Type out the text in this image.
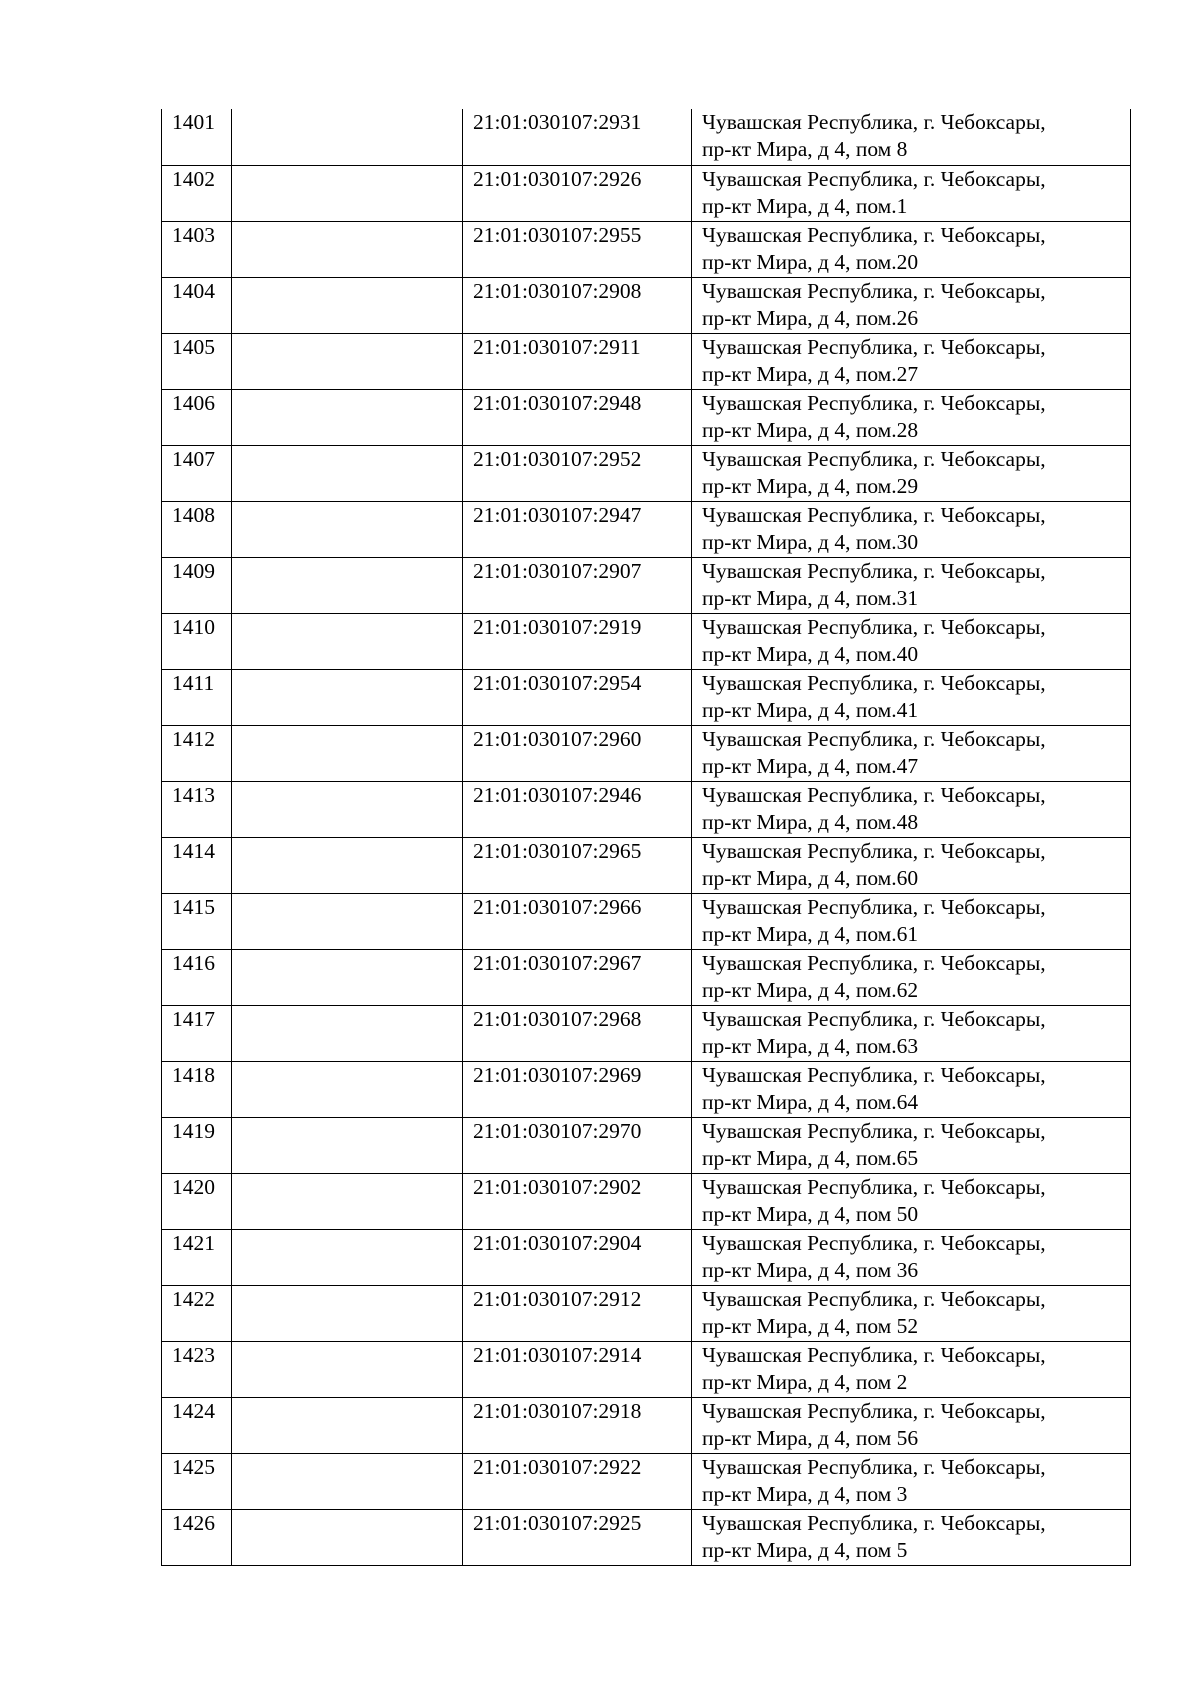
1401		21:01:030107:2931	Чувашская Республика, г. Чебоксары,
пр-кт Мира, д 4, пом 8

1402		21:01:030107:2926	Чувашская Республика, г. Чебоксары,
пр-кт Мира, д 4, пом.1

1403		21:01:030107:2955	Чувашская Республика, г. Чебоксары,
пр-кт Мира, д 4, пом.20

1404		21:01:030107:2908	Чувашская Республика, г. Чебоксары,
пр-кт Мира, д 4, пом.26

1405		21:01:030107:2911	Чувашская Республика, г. Чебоксары,
пр-кт Мира, д 4, пом.27

1406		21:01:030107:2948	Чувашская Республика, г. Чебоксары,
пр-кт Мира, д 4, пом.28

1407		21:01:030107:2952	Чувашская Республика, г. Чебоксары,
пр-кт Мира, д 4, пом.29

1408		21:01:030107:2947	Чувашская Республика, г. Чебоксары,
пр-кт Мира, д 4, пом.30

1409		21:01:030107:2907	Чувашская Республика, г. Чебоксары,
пр-кт Мира, д 4, пом.31

1410		21:01:030107:2919	Чувашская Республика, г. Чебоксары,
пр-кт Мира, д 4, пом.40

1411		21:01:030107:2954	Чувашская Республика, г. Чебоксары,
пр-кт Мира, д 4, пом.41

1412		21:01:030107:2960	Чувашская Республика, г. Чебоксары,
пр-кт Мира, д 4, пом.47

1413		21:01:030107:2946	Чувашская Республика, г. Чебоксары,
пр-кт Мира, д 4, пом.48

1414		21:01:030107:2965	Чувашская Республика, г. Чебоксары,
пр-кт Мира, д 4, пом.60

1415		21:01:030107:2966	Чувашская Республика, г. Чебоксары,
пр-кт Мира, д 4, пом.61

1416		21:01:030107:2967	Чувашская Республика, г. Чебоксары,
пр-кт Мира, д 4, пом.62

1417		21:01:030107:2968	Чувашская Республика, г. Чебоксары,
пр-кт Мира, д 4, пом.63

1418		21:01:030107:2969	Чувашская Республика, г. Чебоксары,
пр-кт Мира, д 4, пом.64

1419		21:01:030107:2970	Чувашская Республика, г. Чебоксары,
пр-кт Мира, д 4, пом.65

1420		21:01:030107:2902	Чувашская Республика, г. Чебоксары,
пр-кт Мира, д 4, пом 50

1421		21:01:030107:2904	Чувашская Республика, г. Чебоксары,
пр-кт Мира, д 4, пом 36

1422		21:01:030107:2912	Чувашская Республика, г. Чебоксары,
пр-кт Мира, д 4, пом 52

1423		21:01:030107:2914	Чувашская Республика, г. Чебоксары,
пр-кт Мира, д 4, пом 2

1424		21:01:030107:2918	Чувашская Республика, г. Чебоксары,
пр-кт Мира, д 4, пом 56

1425		21:01:030107:2922	Чувашская Республика, г. Чебоксары,
пр-кт Мира, д 4, пом 3

1426		21:01:030107:2925	Чувашская Республика, г. Чебоксары,
пр-кт Мира, д 4, пом 5
